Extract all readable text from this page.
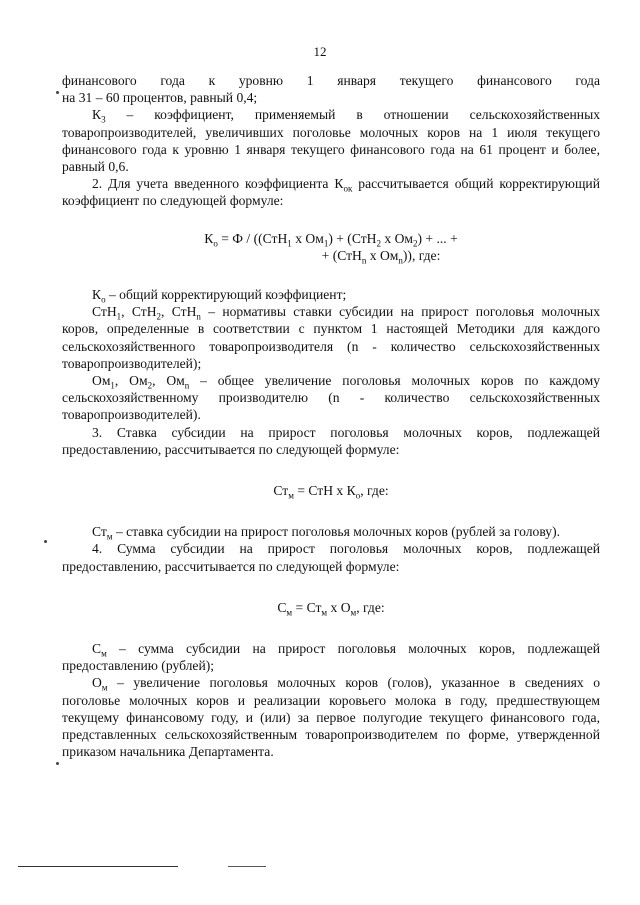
12

финансового года к уровню 1 января текущего финансового года

на 31 – 60 процентов, равный 0,4;

$К_3$ – коэффициент, применяемый в отношении сельскохозяйственных товаропроизводителей, увеличивших поголовье молочных коров на 1 июля текущего финансового года к уровню 1 января текущего финансового года на 61 процент и более, равный 0,6.

2. Для учета введенного коэффициента $К_{ок}$ рассчитывается общий корректирующий коэффициент по следующей формуле:

$К_о = Ф / ((СтН_1$ х $Ом_1) + (СтН_2$ х $Ом_2$) + ... +

+ (СтН$_n$ х $Ом_n$)), где:

$К_о$ – общий корректирующий коэффициент;

СтН$_1$, СтН$_2$, СтН$_n$ – нормативы ставки субсидии на прирост поголовья молочных коров, определенные в соответствии с пунктом 1 настоящей Методики для каждого сельскохозяйственного товаропроизводителя (n - количество сельскохозяйственных товаропроизводителей);

$Ом_1$, $Ом_2$, $Ом_n$ – общее увеличение поголовья молочных коров по каждому сельскохозяйственному производителю (n - количество сельскохозяйственных товаропроизводителей).

3. Ставка субсидии на прирост поголовья молочных коров, подлежащей предоставлению, рассчитывается по следующей формуле:

$Ст_м$ = СтН х $К_о$, где:

$Ст_м$ – ставка субсидии на прирост поголовья молочных коров (рублей за голову).

4. Сумма субсидии на прирост поголовья молочных коров, подлежащей предоставлению, рассчитывается по следующей формуле:

$С_м = Ст_м$ х $О_м$, где:

$С_м$ – сумма субсидии на прирост поголовья молочных коров, подлежащей предоставлению (рублей);

$О_м$ – увеличение поголовья молочных коров (голов), указанное в сведениях о поголовье молочных коров и реализации коровьего молока в году, предшествующем текущему финансовому году, и (или) за первое полугодие текущего финансового года, представленных сельскохозяйственным товаропроизводителем по форме, утвержденной приказом начальника Департамента.
